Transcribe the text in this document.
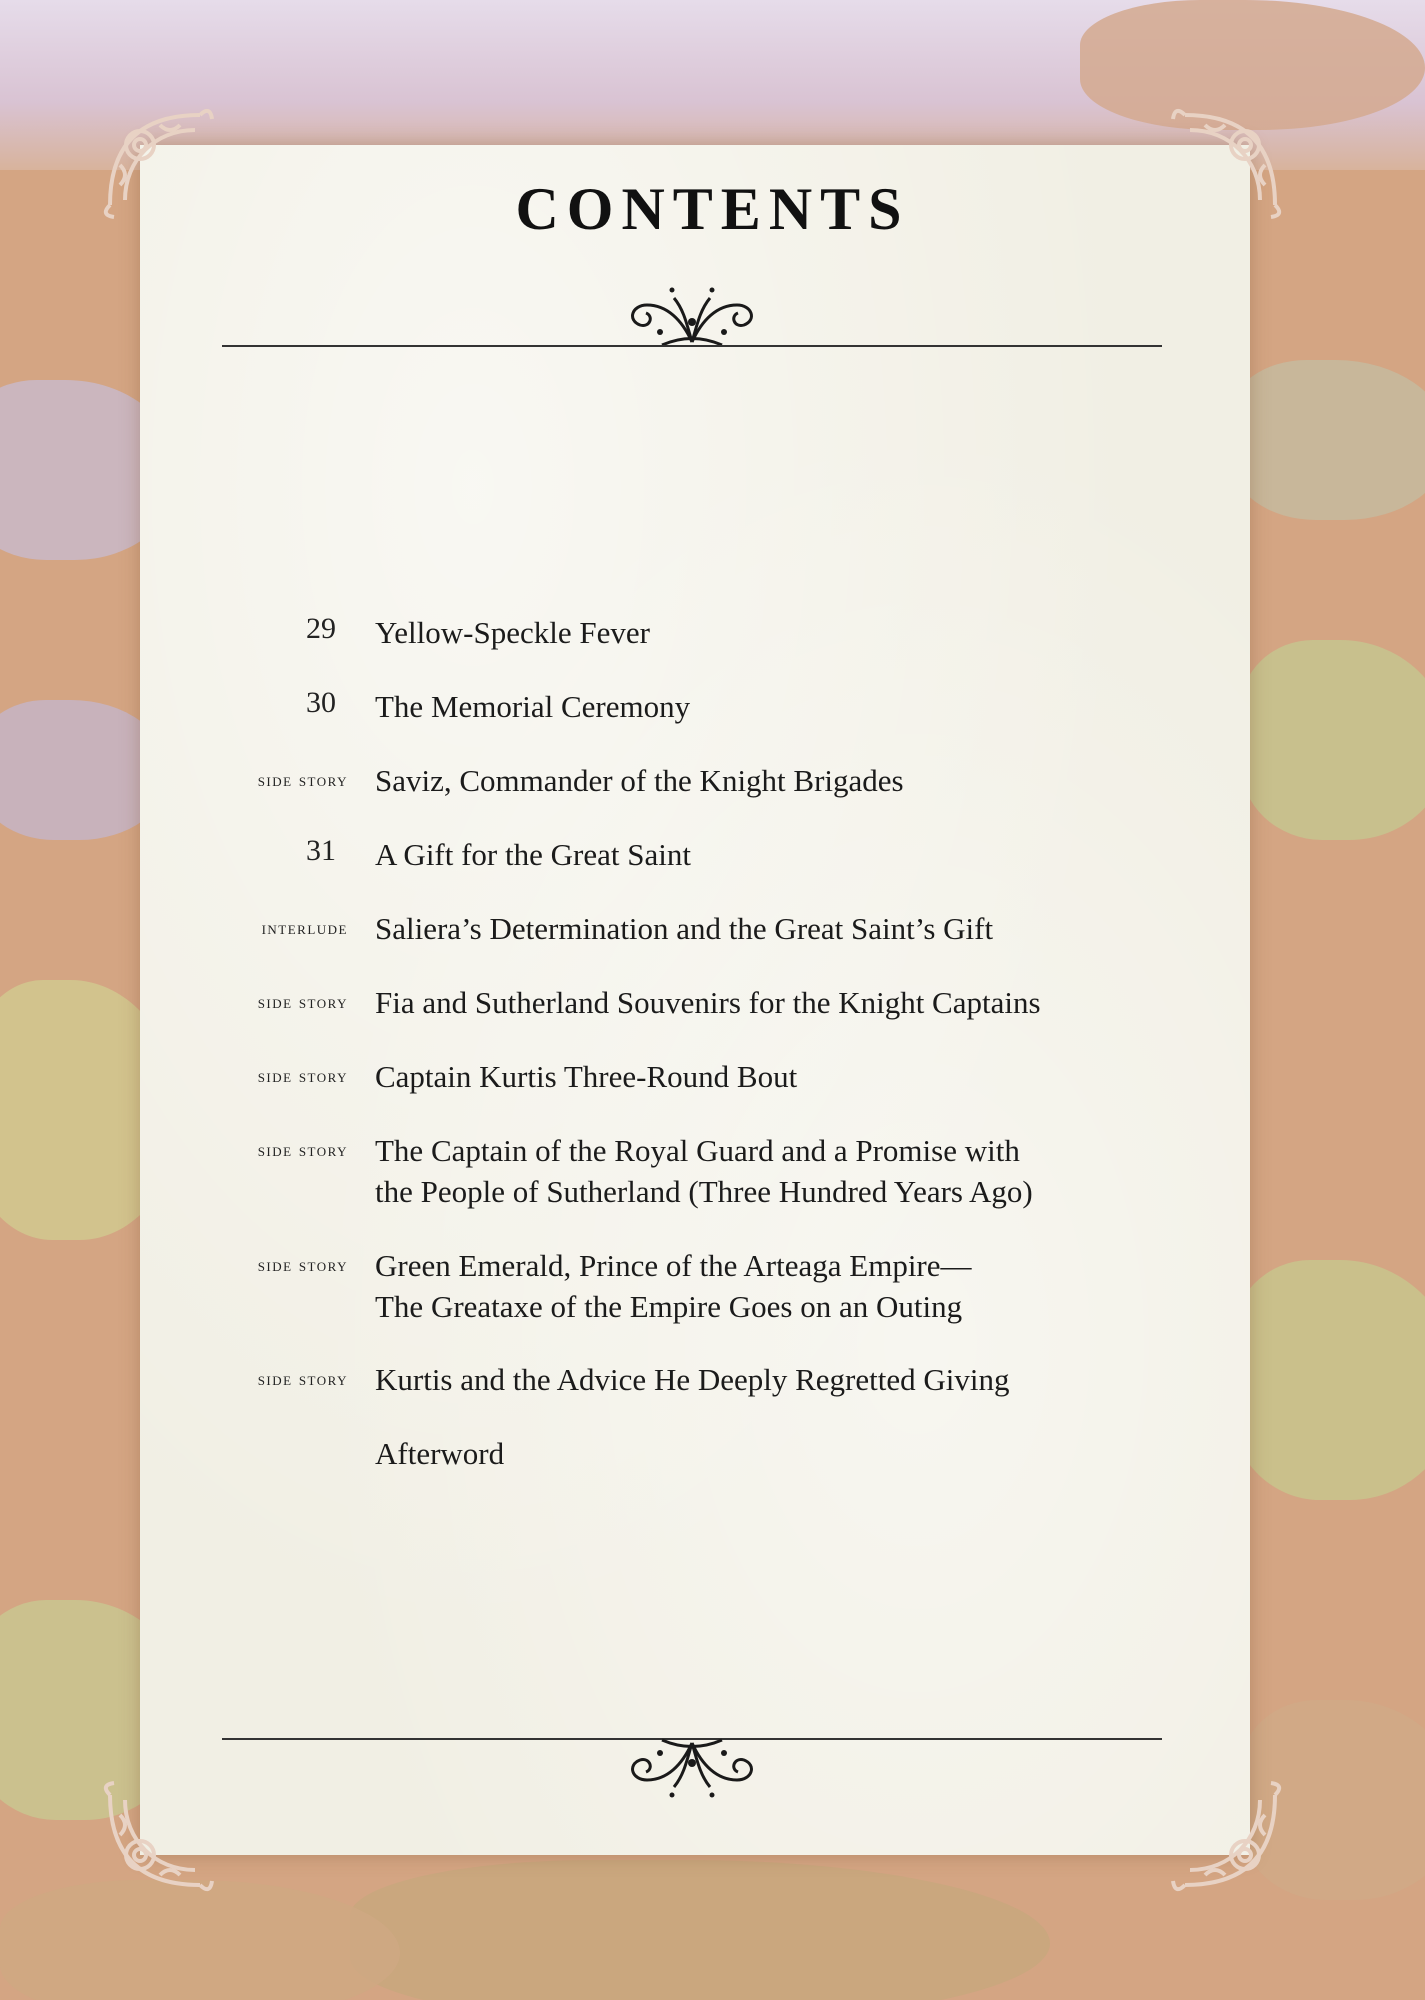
CONTENTS
29	Yellow-Speckle Fever
30	The Memorial Ceremony
side story Saviz, Commander of the Knight Brigades
31	A Gift for the Great Saint
interlude Saliera’s Determination and the Great Saint’s Gift
side story Fia and Sutherland Souvenirs for the Knight Captains
side story Captain Kurtis Three-Round Bout
side story The Captain of the Royal Guard and a Promise with
the People of Sutherland (Three Hundred Years Ago)
side story Green Emerald, Prince of the Arteaga Empire—
The Greataxe of the Empire Goes on an Outing
side story Kurtis and the Advice He Deeply Regretted Giving
Afterword
